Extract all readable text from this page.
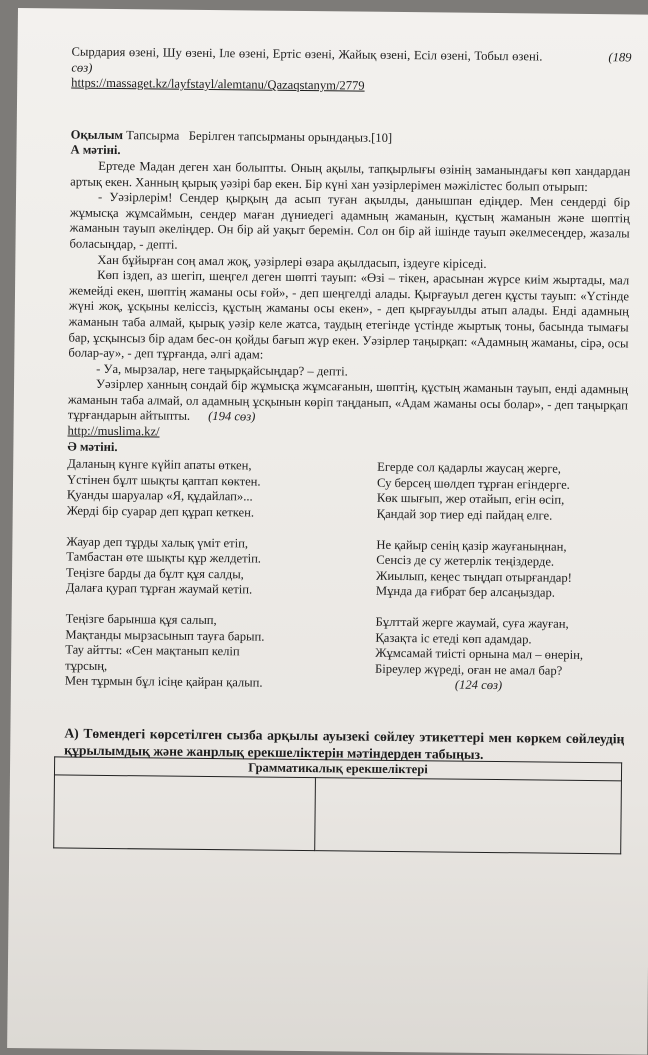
Сырдария өзені, Шу өзені, Іле өзені, Ертіс өзені, Жайық өзені, Есіл өзені, Тобыл өзені.	(189 сөз)

https://massaget.kz/layfstayl/alemtanu/Qazaqstanym/2779

Оқылым Тапсырма Берілген тапсырманы орындаңыз.[10]

А мәтіні.

Ертеде Мадан деген хан болыпты. Оның ақылы, тапқырлығы өзінің заманындағы көп хандардан артық екен. Ханның қырық уәзірі бар екен. Бір күні хан уәзірлерімен мәжілістес болып отырып:

- Уәзірлерім! Сендер қырқың да асып туған ақылды, данышпан едіңдер. Мен сендерді бір жұмысқа жұмсаймын, сендер маған дүниедегі адамның жаманын, құстың жаманын және шөптің жаманын тауып әкеліңдер. Он бір ай уақыт беремін. Сол он бір ай ішінде тауып әкелмесеңдер, жазалы боласыңдар, - депті.

Хан бұйырған соң амал жоқ, уәзірлері өзара ақылдасып, іздеуге кіріседі.

Көп іздеп, аз шегіп, шеңгел деген шөпті тауып: «Өзі – тікен, арасынан жүрсе киім жыртады, мал жемейді екен, шөптің жаманы осы ғой», - деп шеңгелді алады. Қырғауыл деген құсты тауып: «Үстінде жүні жоқ, ұсқыны келіссіз, құстың жаманы осы екен», - деп қырғауылды атып алады. Енді адамның жаманын таба алмай, қырық уәзір келе жатса, таудың етегінде үстінде жыртық тоны, басында тымағы бар, ұсқынсыз бір адам бес-он қойды бағып жүр екен. Уәзірлер таңырқап: «Адамның жаманы, сірә, осы болар-ау», - деп тұрғанда, әлгі адам:

- Уа, мырзалар, неге таңырқайсыңдар? – депті.

Уәзірлер ханның сондай бір жұмысқа жұмсағанын, шөптің, құстың жаманын тауып, енді адамның жаманын таба алмай, ол адамның ұсқынын көріп таңданып, «Адам жаманы осы болар», - деп таңырқап тұрғандарын айтыпты. (194 сөз)

http://muslima.kz/

Ә мәтіні.

Даланың күнге күйіп апаты өткен,

Үстінен бұлт шықты қаптап көктен.

Қуанды шаруалар «Я, құдайлап»...

Жерді бір суарар деп құрап кеткен.

Жауар деп тұрды халық үміт етіп,

Тамбастан өте шықты құр желдетіп.

Теңізге барды да бұлт құя салды,

Далаға қурап тұрған жаумай кетіп.

Теңізге барынша құя салып,

Мақтанды мырзасынып тауға барып.

Тау айтты: «Сен мақтанып келіп тұрсың,

Мен тұрмын бұл ісіңе қайран қалып.

Егерде сол қадарлы жаусаң жерге,

Су берсең шөлдеп тұрған егіндерге.

Көк шығып, жер отайып, егін өсіп,

Қандай зор тиер еді пайдаң елге.

Не қайыр сенің қазір жауғаныңнан,

Сенсіз де су жетерлік теңіздерде.

Жиылып, кеңес тыңдап отырғандар!

Мұнда да ғибрат бер алсаңыздар.

Бұлттай жерге жаумай, суға жауған,

Қазақта іс етеді көп адамдар.

Жұмсамай тиісті орнына мал – өнерін,

Біреулер жүреді, оған не амал бар?

(124 сөз)

А) Төмендегі көрсетілген сызба арқылы ауызекі сөйлеу этикеттері мен көркем сөйлеудің құрылымдық және жанрлық ерекшеліктерін мәтіндерден табыңыз.

Грамматикалық ерекшеліктері
